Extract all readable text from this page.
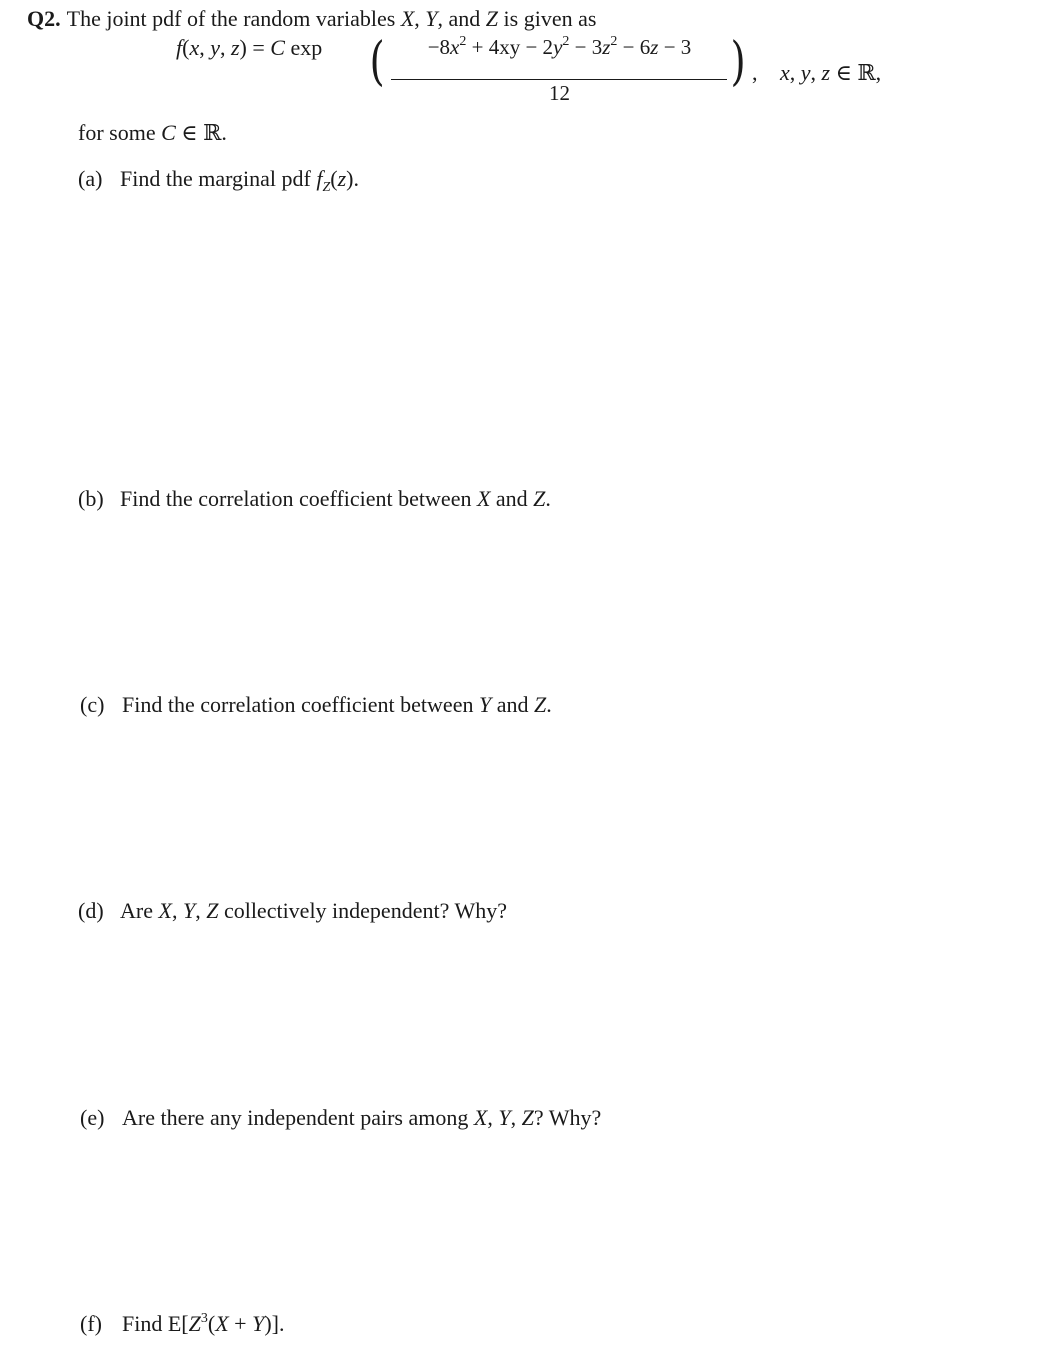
Q2. The joint pdf of the random variables X, Y, and Z is given as
f(x, y, z) = C exp (	$-8x^2 + 4xy - 2y^2 - 3z^2 - 6z - 3$
12
) , x, y, z ∈ ℝ,
for some C ∈ ℝ.
(a) Find the marginal pdf $f_Z(z)$.
(b) Find the correlation coefficient between X and Z.
(c) Find the correlation coefficient between Y and Z.
(d) Are X, Y, Z collectively independent? Why?
(e) Are there any independent pairs among X, Y, Z? Why?
(f) Find $E[Z^3(X + Y)]$.
